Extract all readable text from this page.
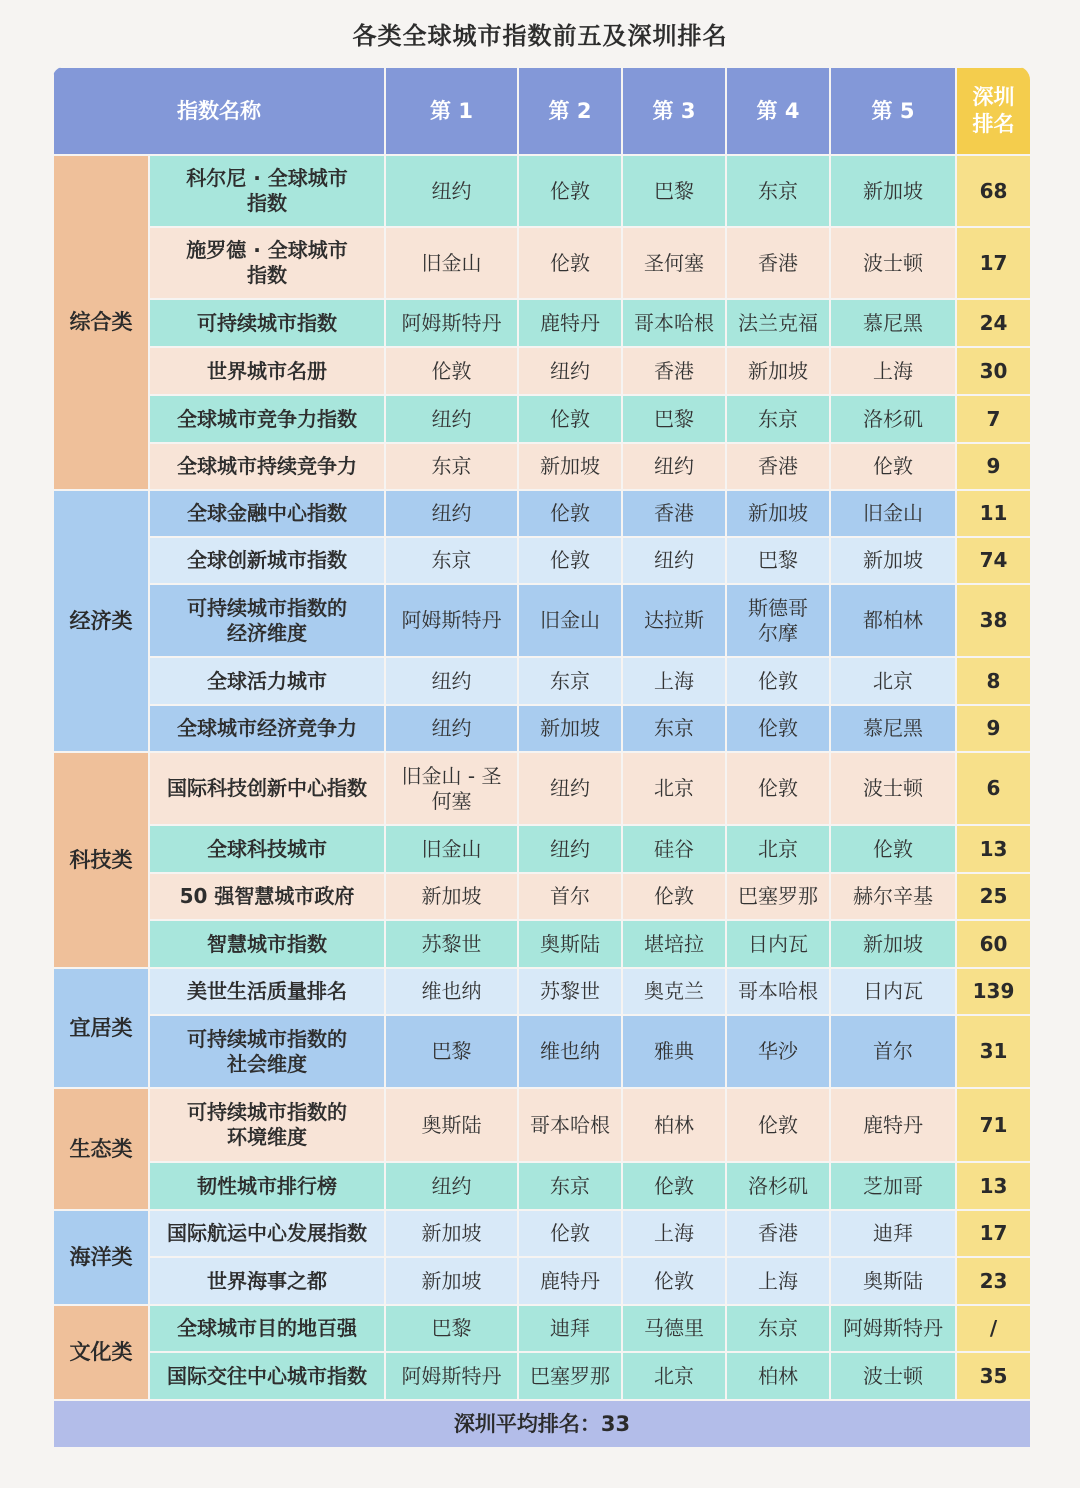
各类全球城市指数前五及深圳排名
指数名称		第 1	第 2	第 3	第 4	第 5	深圳
排名
综合类	科尔尼 · 全球城市
指数	纽约	伦敦	巴黎	东京	新加坡	68
	施罗德 · 全球城市
指数	旧金山	伦敦	圣何塞	香港	波士顿	17
	可持续城市指数	阿姆斯特丹	鹿特丹	哥本哈根	法兰克福	慕尼黑	24
	世界城市名册	伦敦	纽约	香港	新加坡	上海	30
	全球城市竞争力指数	纽约	伦敦	巴黎	东京	洛杉矶	7
	全球城市持续竞争力	东京	新加坡	纽约	香港	伦敦	9
经济类	全球金融中心指数	纽约	伦敦	香港	新加坡	旧金山	11
	全球创新城市指数	东京	伦敦	纽约	巴黎	新加坡	74
	可持续城市指数的
经济维度	阿姆斯特丹	旧金山	达拉斯	斯德哥
尔摩	都柏林	38
	全球活力城市	纽约	东京	上海	伦敦	北京	8
	全球城市经济竞争力	纽约	新加坡	东京	伦敦	慕尼黑	9
科技类	国际科技创新中心指数	旧金山 - 圣
何塞	纽约	北京	伦敦	波士顿	6
	全球科技城市	旧金山	纽约	硅谷	北京	伦敦	13
	50 强智慧城市政府	新加坡	首尔	伦敦	巴塞罗那	赫尔辛基	25
	智慧城市指数	苏黎世	奥斯陆	堪培拉	日内瓦	新加坡	60
宜居类	美世生活质量排名	维也纳	苏黎世	奥克兰	哥本哈根	日内瓦	139
	可持续城市指数的
社会维度	巴黎	维也纳	雅典	华沙	首尔	31
生态类	可持续城市指数的
环境维度	奥斯陆	哥本哈根	柏林	伦敦	鹿特丹	71
	韧性城市排行榜	纽约	东京	伦敦	洛杉矶	芝加哥	13
海洋类	国际航运中心发展指数	新加坡	伦敦	上海	香港	迪拜	17
	世界海事之都	新加坡	鹿特丹	伦敦	上海	奥斯陆	23
文化类	全球城市目的地百强	巴黎	迪拜	马德里	东京	阿姆斯特丹	/
	国际交往中心城市指数	阿姆斯特丹	巴塞罗那	北京	柏林	波士顿	35
深圳平均排名：33							
